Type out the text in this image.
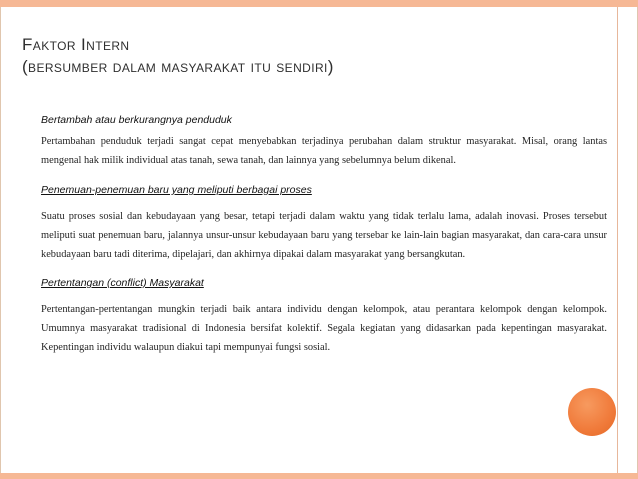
Faktor Intern
(bersumber dalam masyarakat itu sendiri)

Bertambah atau berkurangnya penduduk

Pertambahan penduduk terjadi sangat cepat menyebabkan terjadinya perubahan dalam struktur masyarakat. Misal, orang lantas mengenal hak milik individual atas tanah, sewa tanah, dan lainnya yang sebelumnya belum dikenal.

Penemuan-penemuan baru yang meliputi berbagai proses

Suatu proses sosial dan kebudayaan yang besar, tetapi terjadi dalam waktu yang tidak terlalu lama, adalah inovasi. Proses tersebut meliputi suat penemuan baru, jalannya unsur-unsur kebudayaan baru yang tersebar ke lain-lain bagian masyarakat, dan cara-cara unsur kebudayaan baru tadi diterima, dipelajari, dan akhirnya dipakai dalam masyarakat yang bersangkutan.

Pertentangan (conflict) Masyarakat

Pertentangan-pertentangan mungkin terjadi baik antara individu dengan kelompok, atau perantara kelompok dengan kelompok. Umumnya masyarakat tradisional di Indonesia bersifat kolektif. Segala kegiatan yang didasarkan pada kepentingan masyarakat. Kepentingan individu walaupun diakui tapi mempunyai fungsi sosial.
